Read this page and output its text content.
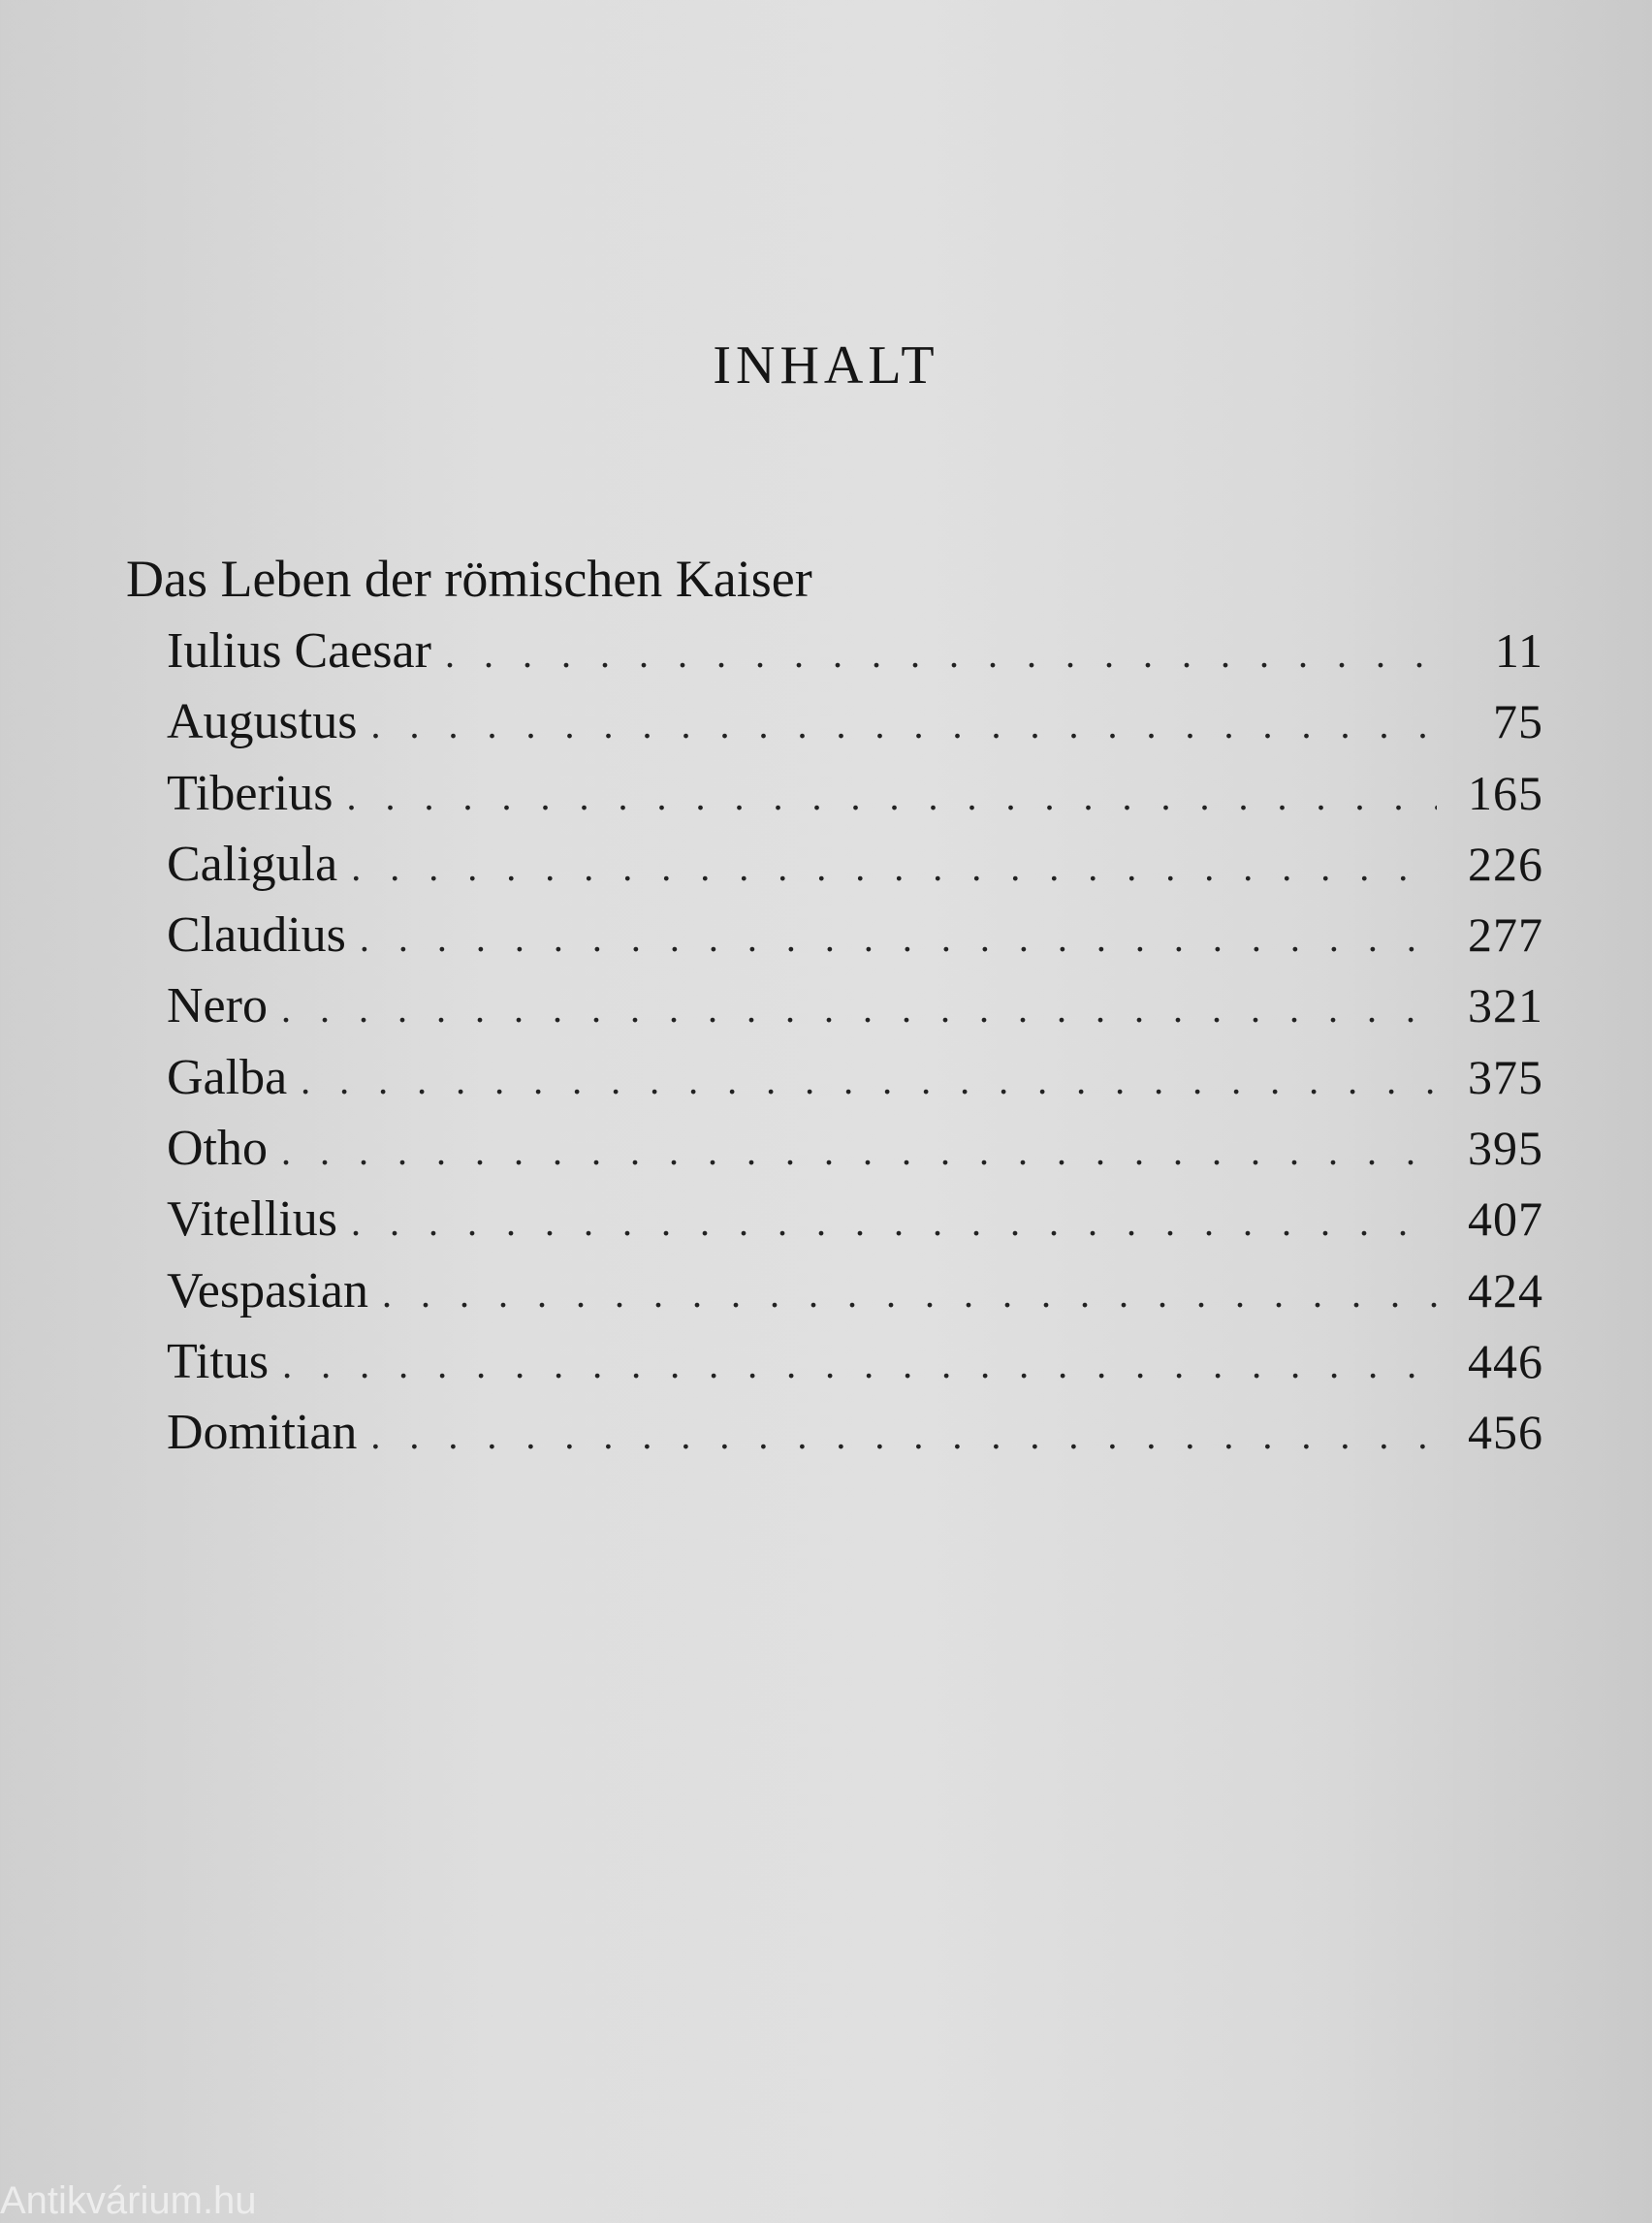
INHALT
Das Leben der römischen Kaiser
Iulius Caesar . . .	11
Augustus . . .	75
Tiberius . . .	165
Caligula . . .	226
Claudius . . .	277
Nero . . .	321
Galba . . .	375
Otho . . .	395
Vitellius . . .	407
Vespasian . . .	424
Titus . . .	446
Domitian . . .	456
Antikvárium.hu
